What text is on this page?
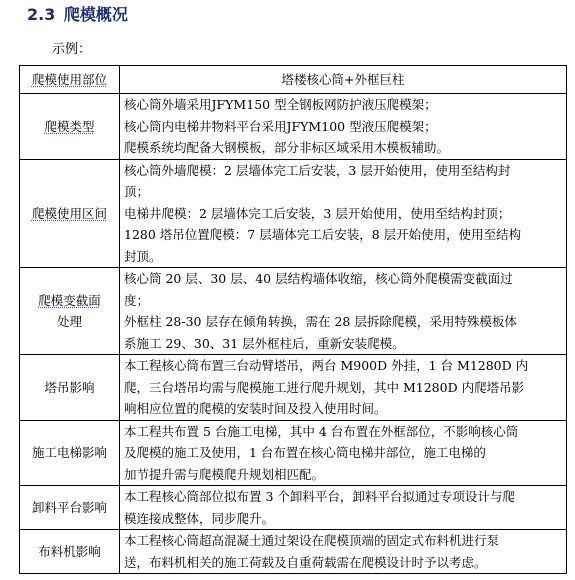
2.3 爬模概况
示例：
爬模使用部位	塔楼核心筒+外框巨柱
爬模类型	核心筒外墙采用JFYM150 型全钢板网防护液压爬模架；
核心筒内电梯井物料平台采用JFYM100 型液压爬模架；
爬模系统均配备大钢模板，部分非标区域采用木模板辅助。

爬模使用区间	核心筒外墙爬模：2 层墙体完工后安装，3 层开始使用，使用至结构封
顶；
电梯井爬模：2 层墙体完工后安装，3 层开始使用，使用至结构封顶；
1280 塔吊位置爬模：7 层墙体完工后安装，8 层开始使用，使用至结构
封顶。

爬模变截面
处理	核心筒 20 层、30 层、40 层结构墙体收缩，核心筒外爬模需变截面过
度；
外框柱 28-30 层存在倾角转换，需在 28 层拆除爬模，采用特殊模板体
系施工 29、30、31 层外框柱后，重新安装爬模。

塔吊影响	本工程核心筒布置三台动臂塔吊，两台 M900D 外挂，1 台 M1280D 内
爬，三台塔吊均需与爬模施工进行爬升规划，其中 M1280D 内爬塔吊影
响相应位置的爬模的安装时间及投入使用时间。

施工电梯影响	本工程共布置 5 台施工电梯，其中 4 台布置在外框部位，不影响核心筒
及爬模的施工及使用，1 台布置在核心筒电梯井部位，施工电梯的
加节提升需与爬模爬升规划相匹配。

卸料平台影响	本工程核心筒部位拟布置 3 个卸料平台，卸料平台拟通过专项设计与爬
模连接成整体，同步爬升。

布料机影响	本工程核心筒超高混凝土通过架设在爬模顶端的固定式布料机进行泵
送，布料机相关的施工荷载及自重荷载需在爬模设计时予以考虑。
